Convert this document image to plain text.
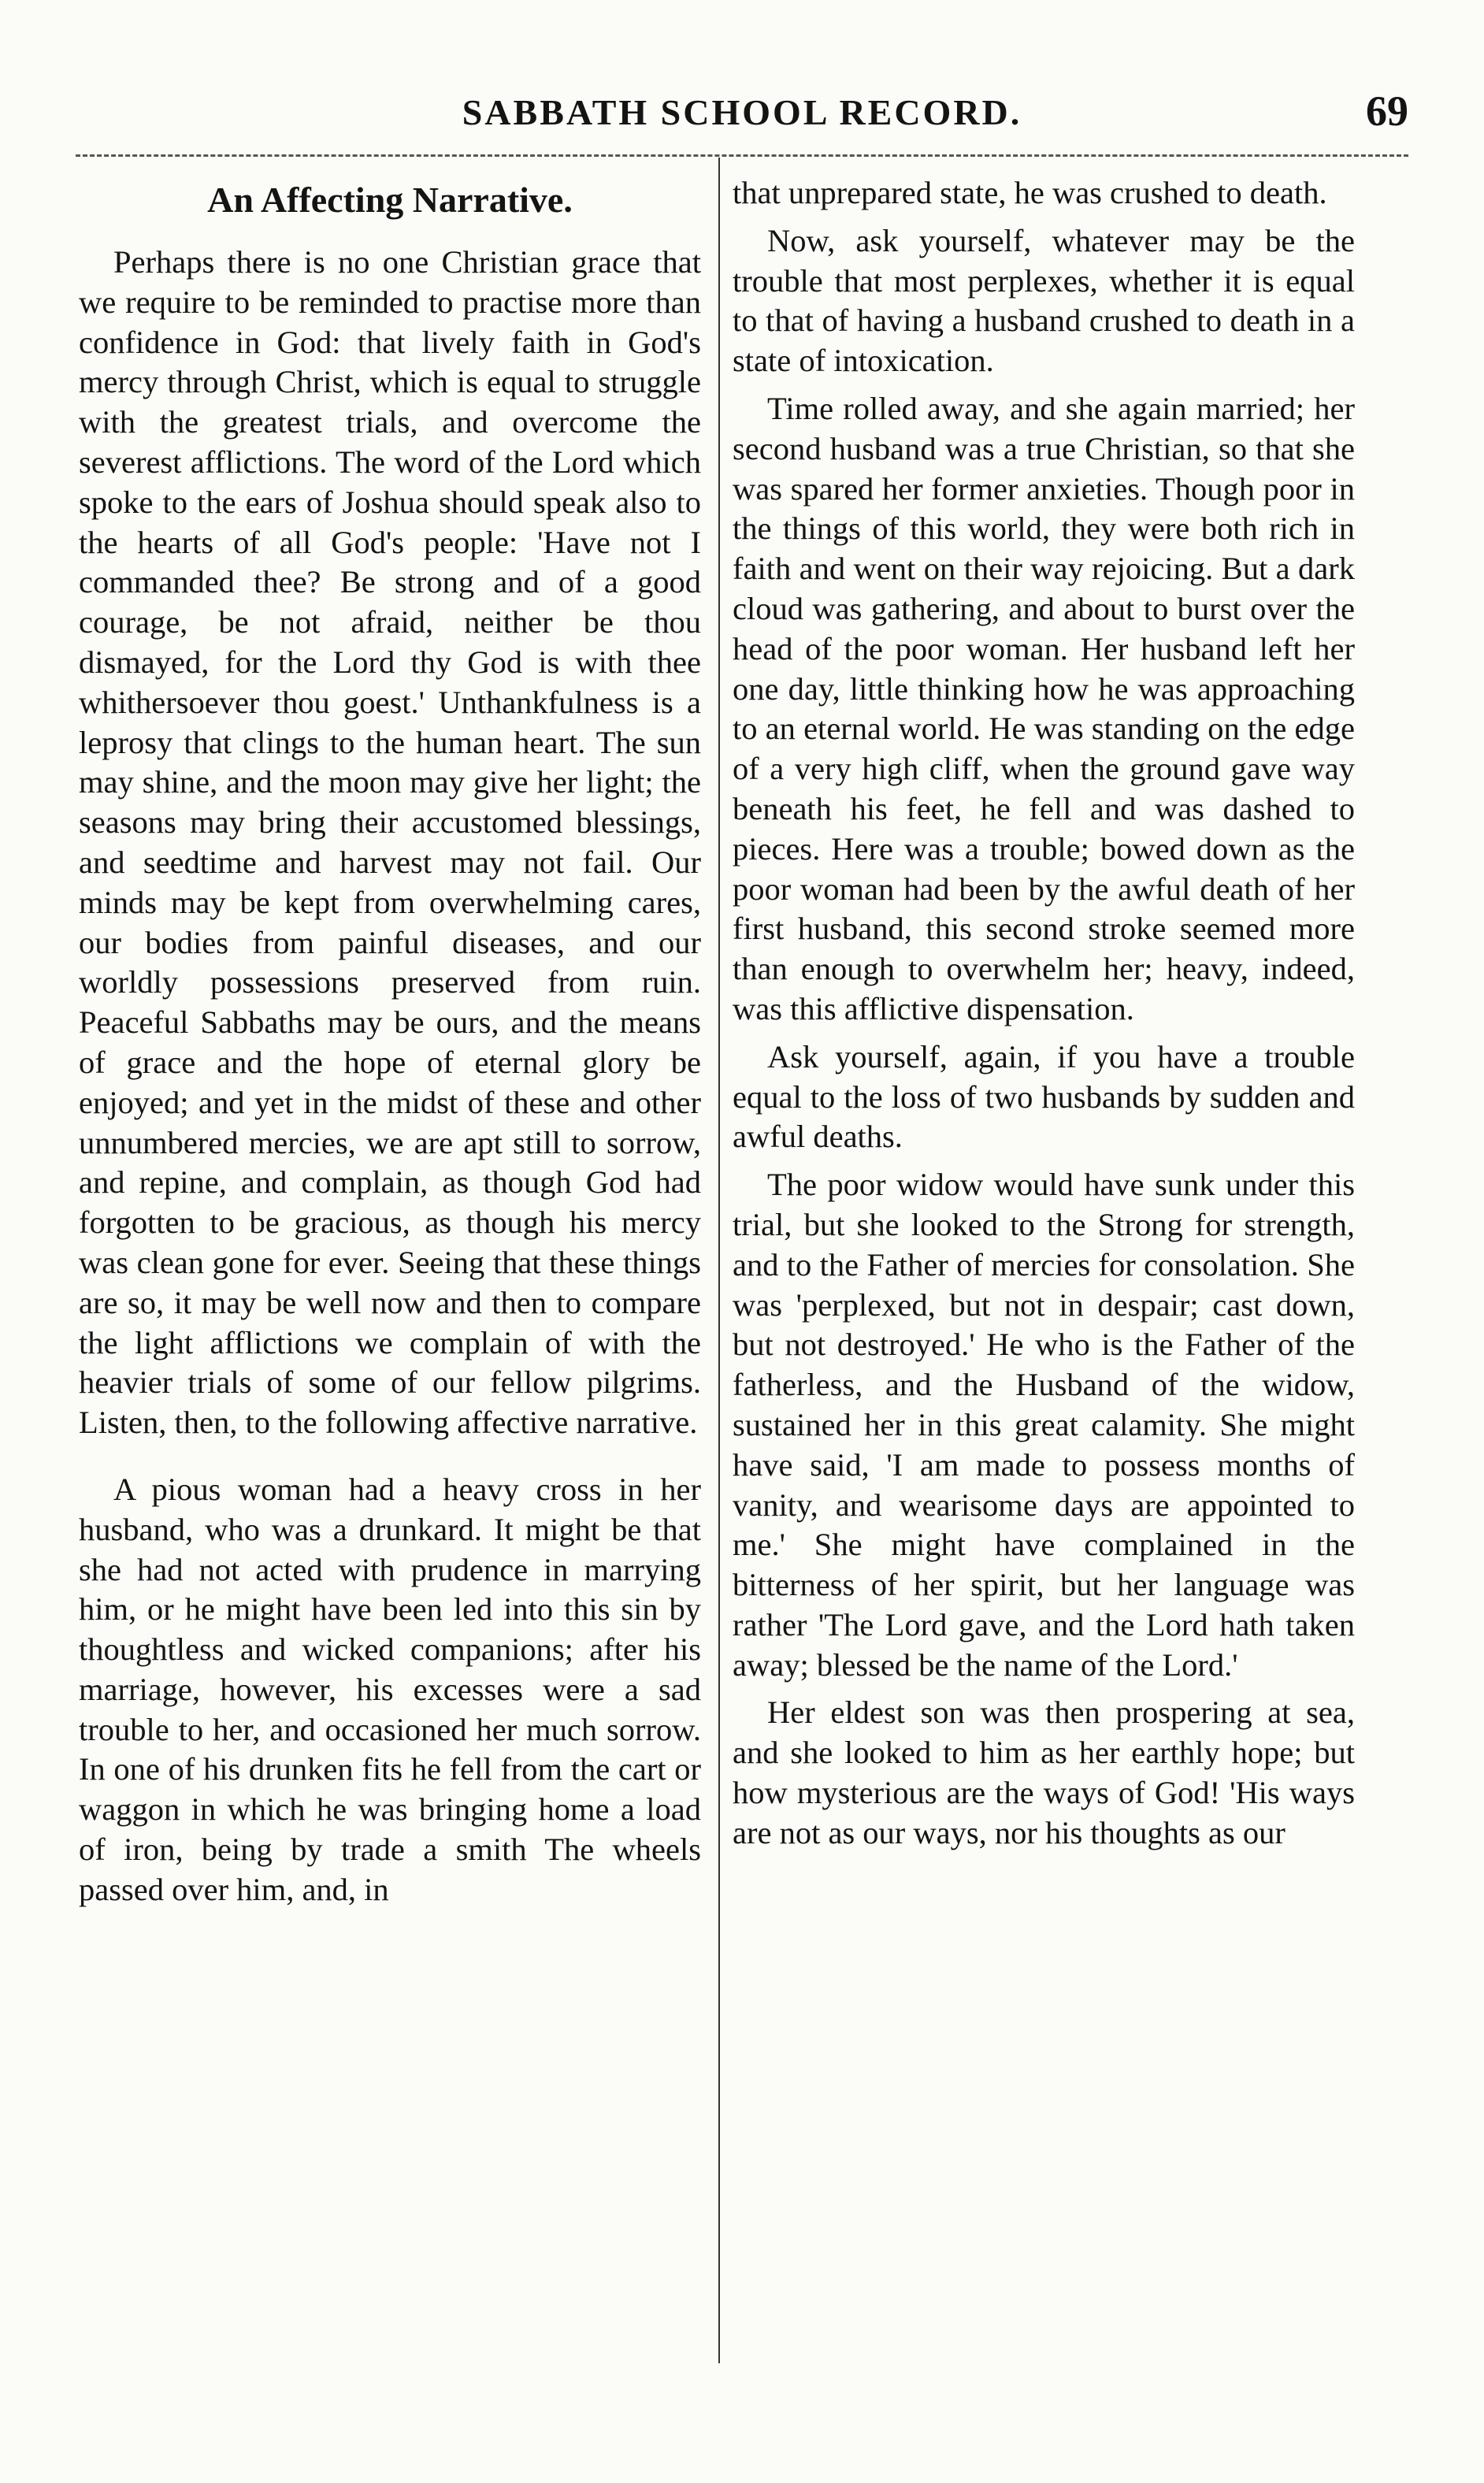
SABBATH SCHOOL RECORD.	69
An Affecting Narrative.

Perhaps there is no one Christian grace that we require to be reminded to practise more than confidence in God: that lively faith in God's mercy through Christ, which is equal to struggle with the greatest trials, and overcome the severest afflictions. The word of the Lord which spoke to the ears of Joshua should speak also to the hearts of all God's people: 'Have not I commanded thee? Be strong and of a good courage, be not afraid, neither be thou dismayed, for the Lord thy God is with thee whithersoever thou goest.' Unthankfulness is a leprosy that clings to the human heart. The sun may shine, and the moon may give her light; the seasons may bring their accustomed blessings, and seedtime and harvest may not fail. Our minds may be kept from overwhelming cares, our bodies from painful diseases, and our worldly possessions preserved from ruin. Peaceful Sabbaths may be ours, and the means of grace and the hope of eternal glory be enjoyed; and yet in the midst of these and other unnumbered mercies, we are apt still to sorrow, and repine, and complain, as though God had forgotten to be gracious, as though his mercy was clean gone for ever. Seeing that these things are so, it may be well now and then to compare the light afflictions we complain of with the heavier trials of some of our fellow pilgrims. Listen, then, to the following affective narrative.

A pious woman had a heavy cross in her husband, who was a drunkard. It might be that she had not acted with prudence in marrying him, or he might have been led into this sin by thoughtless and wicked companions; after his marriage, however, his excesses were a sad trouble to her, and occasioned her much sorrow. In one of his drunken fits he fell from the cart or waggon in which he was bringing home a load of iron, being by trade a smith The wheels passed over him, and, in

that unprepared state, he was crushed to death.

Now, ask yourself, whatever may be the trouble that most perplexes, whether it is equal to that of having a husband crushed to death in a state of intoxication.

Time rolled away, and she again married; her second husband was a true Christian, so that she was spared her former anxieties. Though poor in the things of this world, they were both rich in faith and went on their way rejoicing. But a dark cloud was gathering, and about to burst over the head of the poor woman. Her husband left her one day, little thinking how he was approaching to an eternal world. He was standing on the edge of a very high cliff, when the ground gave way beneath his feet, he fell and was dashed to pieces. Here was a trouble; bowed down as the poor woman had been by the awful death of her first husband, this second stroke seemed more than enough to overwhelm her; heavy, indeed, was this afflictive dispensation.

Ask yourself, again, if you have a trouble equal to the loss of two husbands by sudden and awful deaths.

The poor widow would have sunk under this trial, but she looked to the Strong for strength, and to the Father of mercies for consolation. She was 'perplexed, but not in despair; cast down, but not destroyed.' He who is the Father of the fatherless, and the Husband of the widow, sustained her in this great calamity. She might have said, 'I am made to possess months of vanity, and wearisome days are appointed to me.' She might have complained in the bitterness of her spirit, but her language was rather 'The Lord gave, and the Lord hath taken away; blessed be the name of the Lord.'

Her eldest son was then prospering at sea, and she looked to him as her earthly hope; but how mysterious are the ways of God! 'His ways are not as our ways, nor his thoughts as our
